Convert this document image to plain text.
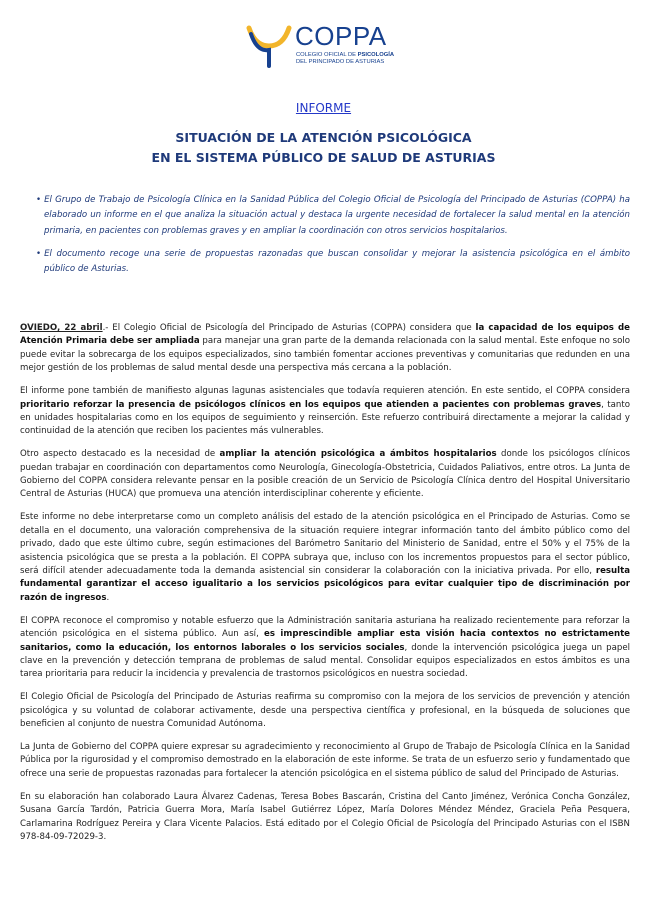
COPPA
COLEGIO OFICIAL DE PSICOLOGÍA
DEL PRINCIPADO DE ASTURIAS

INFORME

SITUACIÓN DE LA ATENCIÓN PSICOLÓGICA
EN EL SISTEMA PÚBLICO DE SALUD DE ASTURIAS
• El Grupo de Trabajo de Psicología Clínica en la Sanidad Pública del Colegio Oficial de Psicología del Principado de Asturias (COPPA) ha elaborado un informe en el que analiza la situación actual y destaca la urgente necesidad de fortalecer la salud mental en la atención primaria, en pacientes con problemas graves y en ampliar la coordinación con otros servicios hospitalarios.
• El documento recoge una serie de propuestas razonadas que buscan consolidar y mejorar la asistencia psicológica en el ámbito público de Asturias.

OVIEDO, 22 abril.- El Colegio Oficial de Psicología del Principado de Asturias (COPPA) considera que la capacidad de los equipos de Atención Primaria debe ser ampliada para manejar una gran parte de la demanda relacionada con la salud mental. Este enfoque no solo puede evitar la sobrecarga de los equipos especializados, sino también fomentar acciones preventivas y comunitarias que redunden en una mejor gestión de los problemas de salud mental desde una perspectiva más cercana a la población.

El informe pone también de manifiesto algunas lagunas asistenciales que todavía requieren atención. En este sentido, el COPPA considera prioritario reforzar la presencia de psicólogos clínicos en los equipos que atienden a pacientes con problemas graves, tanto en unidades hospitalarias como en los equipos de seguimiento y reinserción. Este refuerzo contribuirá directamente a mejorar la calidad y continuidad de la atención que reciben los pacientes más vulnerables.

Otro aspecto destacado es la necesidad de ampliar la atención psicológica a ámbitos hospitalarios donde los psicólogos clínicos puedan trabajar en coordinación con departamentos como Neurología, Ginecología-Obstetricia, Cuidados Paliativos, entre otros. La Junta de Gobierno del COPPA considera relevante pensar en la posible creación de un Servicio de Psicología Clínica dentro del Hospital Universitario Central de Asturias (HUCA) que promueva una atención interdisciplinar coherente y eficiente.

Este informe no debe interpretarse como un completo análisis del estado de la atención psicológica en el Principado de Asturias. Como se detalla en el documento, una valoración comprehensiva de la situación requiere integrar información tanto del ámbito público como del privado, dado que este último cubre, según estimaciones del Barómetro Sanitario del Ministerio de Sanidad, entre el 50% y el 75% de la asistencia psicológica que se presta a la población. El COPPA subraya que, incluso con los incrementos propuestos para el sector público, será difícil atender adecuadamente toda la demanda asistencial sin considerar la colaboración con la iniciativa privada. Por ello, resulta fundamental garantizar el acceso igualitario a los servicios psicológicos para evitar cualquier tipo de discriminación por razón de ingresos.

El COPPA reconoce el compromiso y notable esfuerzo que la Administración sanitaria asturiana ha realizado recientemente para reforzar la atención psicológica en el sistema público. Aun así, es imprescindible ampliar esta visión hacia contextos no estrictamente sanitarios, como la educación, los entornos laborales o los servicios sociales, donde la intervención psicológica juega un papel clave en la prevención y detección temprana de problemas de salud mental. Consolidar equipos especializados en estos ámbitos es una tarea prioritaria para reducir la incidencia y prevalencia de trastornos psicológicos en nuestra sociedad.

El Colegio Oficial de Psicología del Principado de Asturias reafirma su compromiso con la mejora de los servicios de prevención y atención psicológica y su voluntad de colaborar activamente, desde una perspectiva científica y profesional, en la búsqueda de soluciones que beneficien al conjunto de nuestra Comunidad Autónoma.

La Junta de Gobierno del COPPA quiere expresar su agradecimiento y reconocimiento al Grupo de Trabajo de Psicología Clínica en la Sanidad Pública por la rigurosidad y el compromiso demostrado en la elaboración de este informe. Se trata de un esfuerzo serio y fundamentado que ofrece una serie de propuestas razonadas para fortalecer la atención psicológica en el sistema público de salud del Principado de Asturias.

En su elaboración han colaborado Laura Álvarez Cadenas, Teresa Bobes Bascarán, Cristina del Canto Jiménez, Verónica Concha González, Susana García Tardón, Patricia Guerra Mora, María Isabel Gutiérrez López, María Dolores Méndez Méndez, Graciela Peña Pesquera, Carlamarina Rodríguez Pereira y Clara Vicente Palacios. Está editado por el Colegio Oficial de Psicología del Principado Asturias con el ISBN 978-84-09-72029-3.
